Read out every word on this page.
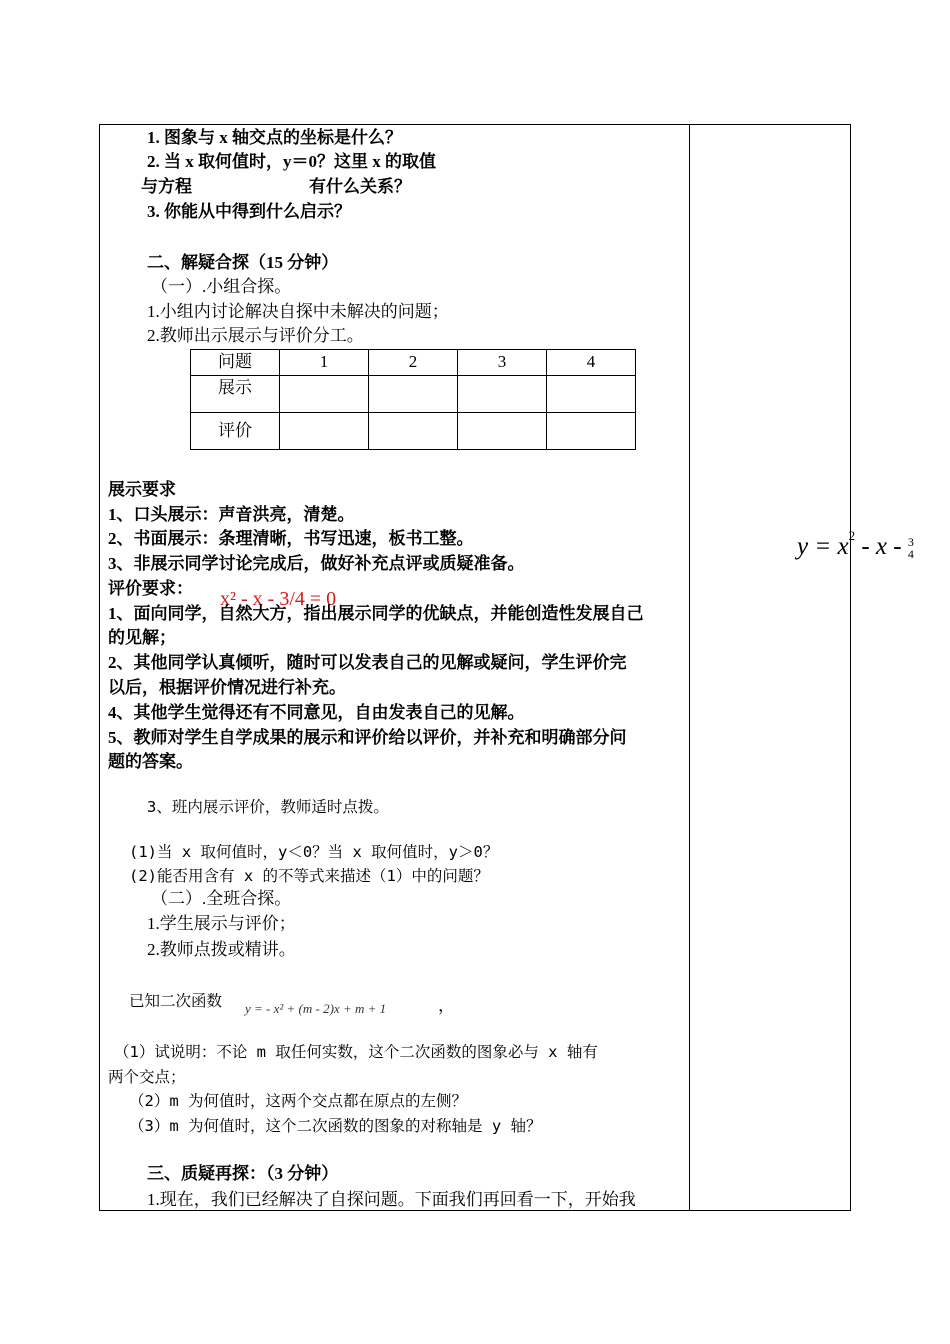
1. 图象与 x 轴交点的坐标是什么？
2. 当 x 取何值时，y＝0？这里 x 的取值
与方程	有什么关系？
3. 你能从中得到什么启示？
二、解疑合探（15 分钟）
（一）.小组合探。
1.小组内讨论解决自探中未解决的问题；
2.教师出示展示与评价分工。
问题	1	2	3	4
展示				
评价				
展示要求
1、口头展示：声音洪亮，清楚。
2、书面展示：条理清晰，书写迅速，板书工整。
3、非展示同学讨论完成后，做好补充点评或质疑准备。
评价要求： x² - x - 3/4 = 0
1、面向同学，自然大方，指出展示同学的优缺点，并能创造性发展自己
的见解；
2、其他同学认真倾听，随时可以发表自己的见解或疑问，学生评价完
以后，根据评价情况进行补充。
4、其他学生觉得还有不同意见，自由发表自己的见解。
5、教师对学生自学成果的展示和评价给以评价，并补充和明确部分问
题的答案。
3、班内展示评价，教师适时点拨。
(1)当 x 取何值时，y＜0？当 x 取何值时，y＞0？
(2)能否用含有 x 的不等式来描述（1）中的问题？
（二）.全班合探。
1.学生展示与评价；
2.教师点拨或精讲。
已知二次函数 y = - x² + (m - 2)x + m + 1	，
（1）试说明：不论 m 取任何实数，这个二次函数的图象必与 x 轴有
两个交点；
（2）m 为何值时，这两个交点都在原点的左侧？
（3）m 为何值时，这个二次函数的图象的对称轴是 y 轴？
三、质疑再探：（3 分钟）
1.现在，我们已经解决了自探问题。下面我们再回看一下，开始我
$y = x^2 - x - 3$
4
